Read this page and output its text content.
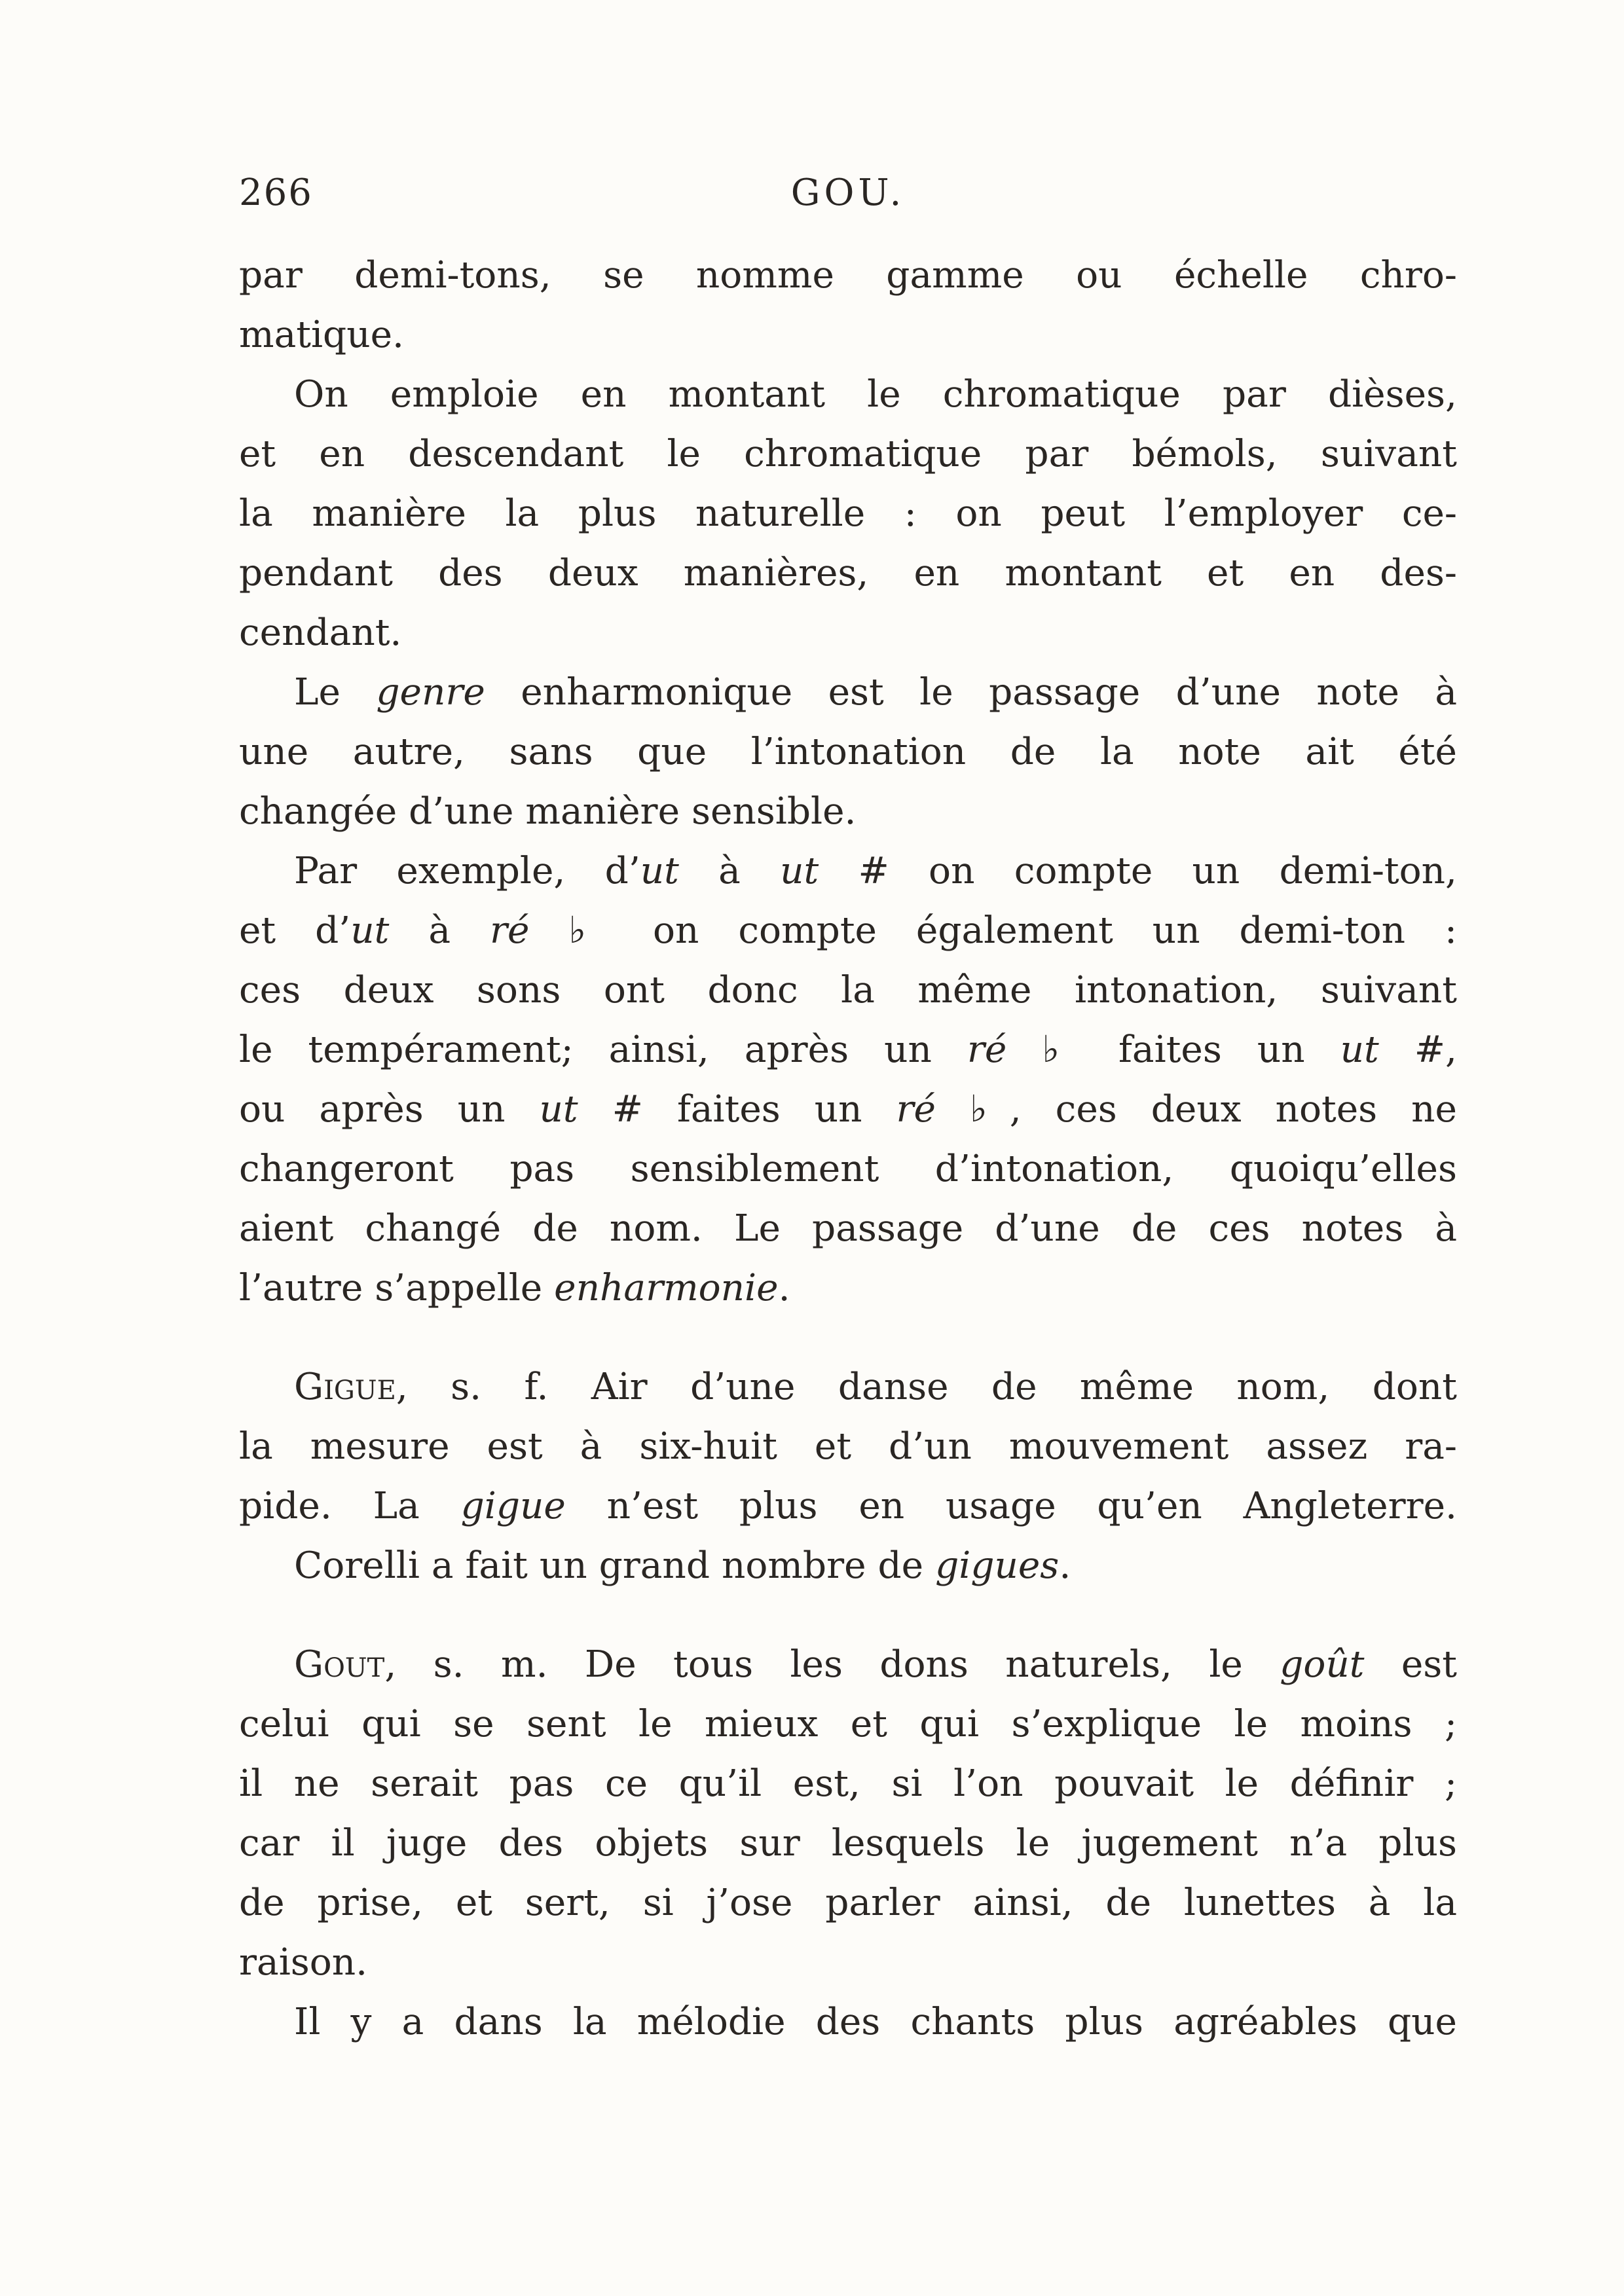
266	GOU.
par demi-tons, se nomme gamme ou échelle chro-
matique.
On emploie en montant le chromatique par dièses,
et en descendant le chromatique par bémols, suivant
la manière la plus naturelle : on peut l’employer ce-
pendant des deux manières, en montant et en des-
cendant.
Le genre enharmonique est le passage d’une note à
une autre, sans que l’intonation de la note ait été
changée d’une manière sensible.
Par exemple, d’ut à ut # on compte un demi-ton,
et d’ut à ré ♭ on compte également un demi-ton :
ces deux sons ont donc la même intonation, suivant
le tempérament; ainsi, après un ré ♭ faites un ut #,
ou après un ut # faites un ré ♭, ces deux notes ne
changeront pas sensiblement d’intonation, quoiqu’elles
aient changé de nom. Le passage d’une de ces notes à
l’autre s’appelle enharmonie.
Gigue, s. f. Air d’une danse de même nom, dont
la mesure est à six-huit et d’un mouvement assez ra-
pide. La gigue n’est plus en usage qu’en Angleterre.
Corelli a fait un grand nombre de gigues.
Gout, s. m. De tous les dons naturels, le goût est
celui qui se sent le mieux et qui s’explique le moins ;
il ne serait pas ce qu’il est, si l’on pouvait le définir ;
car il juge des objets sur lesquels le jugement n’a plus
de prise, et sert, si j’ose parler ainsi, de lunettes à la
raison.
Il y a dans la mélodie des chants plus agréables que
